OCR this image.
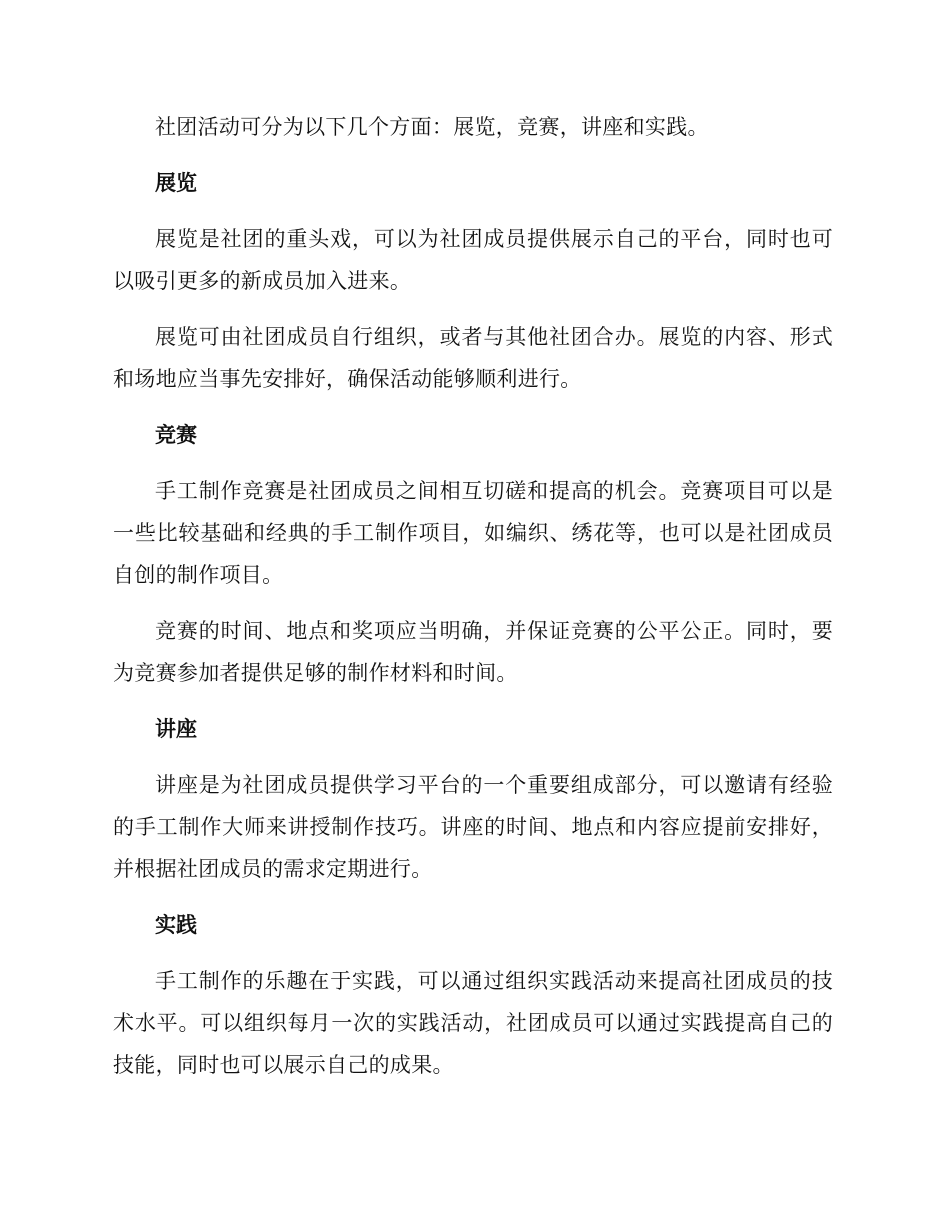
社团活动可分为以下几个方面：展览，竞赛，讲座和实践。

展览

展览是社团的重头戏，可以为社团成员提供展示自己的平台，同时也可以吸引更多的新成员加入进来。

展览可由社团成员自行组织，或者与其他社团合办。展览的内容、形式和场地应当事先安排好，确保活动能够顺利进行。

竞赛

手工制作竞赛是社团成员之间相互切磋和提高的机会。竞赛项目可以是一些比较基础和经典的手工制作项目，如编织、绣花等，也可以是社团成员自创的制作项目。

竞赛的时间、地点和奖项应当明确，并保证竞赛的公平公正。同时，要为竞赛参加者提供足够的制作材料和时间。

讲座

讲座是为社团成员提供学习平台的一个重要组成部分，可以邀请有经验的手工制作大师来讲授制作技巧。讲座的时间、地点和内容应提前安排好，并根据社团成员的需求定期进行。

实践

手工制作的乐趣在于实践，可以通过组织实践活动来提高社团成员的技术水平。可以组织每月一次的实践活动，社团成员可以通过实践提高自己的技能，同时也可以展示自己的成果。
